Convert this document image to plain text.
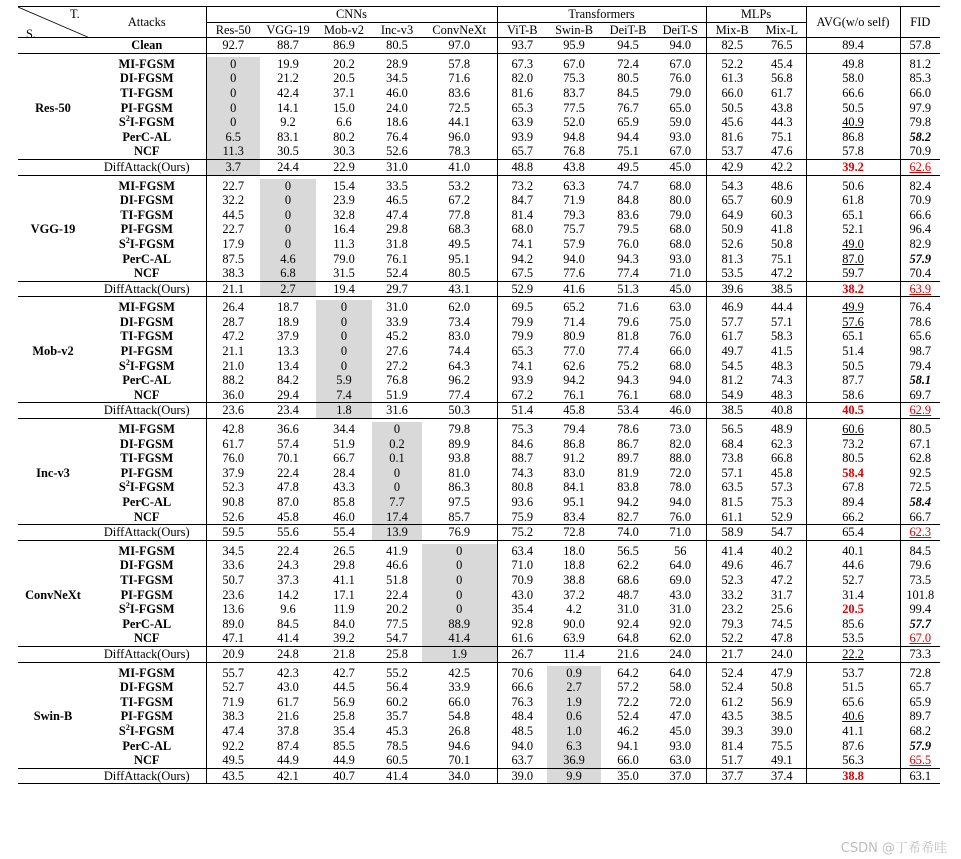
T.
S.	Attacks	CNNs					Transformers				MLPs		AVG(w/o self)	FID
		Res-50	VGG-19	Mob-v2	Inc-v3	ConvNeXt	ViT-B	Swin-B	DeiT-B	DeiT-S	Mix-B	Mix-L		
	Clean	92.7	88.7	86.9	80.5	97.0	93.7	95.9	94.5	94.0	82.5	76.5	89.4	57.8

Res-50	MI-FGSM	0	19.9	20.2	28.9	57.8	67.3	67.0	72.4	67.0	52.2	45.4	49.8	81.2
	DI-FGSM	0	21.2	20.5	34.5	71.6	82.0	75.3	80.5	76.0	61.3	56.8	58.0	85.3
	TI-FGSM	0	42.4	37.1	46.0	83.6	81.6	83.7	84.5	79.0	66.0	61.7	66.6	66.0
	PI-FGSM	0	14.1	15.0	24.0	72.5	65.3	77.5	76.7	65.0	50.5	43.8	50.5	97.9
	$S^2I$-FGSM	0	9.2	6.6	18.6	44.1	63.9	52.0	65.9	59.0	45.6	44.3	40.9	79.8
	PerC-AL	6.5	83.1	80.2	76.4	96.0	93.9	94.8	94.4	93.0	81.6	75.1	86.8	58.2
	NCF	11.3	30.5	30.3	52.6	78.3	65.7	76.8	75.1	67.0	53.7	47.6	57.8	70.9
	DiffAttack(Ours)	3.7	24.4	22.9	31.0	41.0	48.8	43.8	49.5	45.0	42.9	42.2	39.2	62.6

VGG-19	MI-FGSM	22.7	0	15.4	33.5	53.2	73.2	63.3	74.7	68.0	54.3	48.6	50.6	82.4
	DI-FGSM	32.2	0	23.9	46.5	67.2	84.7	71.9	84.8	80.0	65.7	60.9	61.8	70.9
	TI-FGSM	44.5	0	32.8	47.4	77.8	81.4	79.3	83.6	79.0	64.9	60.3	65.1	66.6
	PI-FGSM	22.7	0	16.4	29.8	68.3	68.0	75.7	79.5	68.0	50.9	41.8	52.1	96.4
	$S^2I$-FGSM	17.9	0	11.3	31.8	49.5	74.1	57.9	76.0	68.0	52.6	50.8	49.0	82.9
	PerC-AL	87.5	4.6	79.0	76.1	95.1	94.2	94.0	94.3	93.0	81.3	75.1	87.0	57.9
	NCF	38.3	6.8	31.5	52.4	80.5	67.5	77.6	77.4	71.0	53.5	47.2	59.7	70.4
	DiffAttack(Ours)	21.1	2.7	19.4	29.7	43.1	52.9	41.6	51.3	45.0	39.6	38.5	38.2	63.9

Mob-v2	MI-FGSM	26.4	18.7	0	31.0	62.0	69.5	65.2	71.6	63.0	46.9	44.4	49.9	76.4
	DI-FGSM	28.7	18.9	0	33.9	73.4	79.9	71.4	79.6	75.0	57.7	57.1	57.6	78.6
	TI-FGSM	47.2	37.9	0	45.2	83.0	79.9	80.9	81.8	76.0	61.7	58.3	65.1	65.6
	PI-FGSM	21.1	13.3	0	27.6	74.4	65.3	77.0	77.4	66.0	49.7	41.5	51.4	98.7
	$S^2I$-FGSM	21.0	13.4	0	27.2	64.3	74.1	62.6	75.2	68.0	54.5	48.3	50.5	79.4
	PerC-AL	88.2	84.2	5.9	76.8	96.2	93.9	94.2	94.3	94.0	81.2	74.3	87.7	58.1
	NCF	36.0	29.4	7.4	51.9	77.4	67.2	76.1	76.1	68.0	54.9	48.3	58.6	69.7
	DiffAttack(Ours)	23.6	23.4	1.8	31.6	50.3	51.4	45.8	53.4	46.0	38.5	40.8	40.5	62.9

Inc-v3	MI-FGSM	42.8	36.6	34.4	0	79.8	75.3	79.4	78.6	73.0	56.5	48.9	60.6	80.5
	DI-FGSM	61.7	57.4	51.9	0.2	89.9	84.6	86.8	86.7	82.0	68.4	62.3	73.2	67.1
	TI-FGSM	76.0	70.1	66.7	0.1	93.8	88.7	91.2	89.7	88.0	73.8	66.8	80.5	62.8
	PI-FGSM	37.9	22.4	28.4	0	81.0	74.3	83.0	81.9	72.0	57.1	45.8	58.4	92.5
	$S^2I$-FGSM	52.3	47.8	43.3	0	86.3	80.8	84.1	83.8	78.0	63.5	57.3	67.8	72.5
	PerC-AL	90.8	87.0	85.8	7.7	97.5	93.6	95.1	94.2	94.0	81.5	75.3	89.4	58.4
	NCF	52.6	45.8	46.0	17.4	85.7	75.9	83.4	82.7	76.0	61.1	52.9	66.2	66.7
	DiffAttack(Ours)	59.5	55.6	55.4	13.9	76.9	75.2	72.8	74.0	71.0	58.9	54.7	65.4	62.3

ConvNeXt	MI-FGSM	34.5	22.4	26.5	41.9	0	63.4	18.0	56.5	56	41.4	40.2	40.1	84.5
	DI-FGSM	33.6	24.3	29.8	46.6	0	71.0	18.8	62.2	64.0	49.6	46.7	44.6	79.6
	TI-FGSM	50.7	37.3	41.1	51.8	0	70.9	38.8	68.6	69.0	52.3	47.2	52.7	73.5
	PI-FGSM	23.6	14.2	17.1	22.4	0	43.0	37.2	48.7	43.0	33.2	31.7	31.4	101.8
	$S^2I$-FGSM	13.6	9.6	11.9	20.2	0	35.4	4.2	31.0	31.0	23.2	25.6	20.5	99.4
	PerC-AL	89.0	84.5	84.0	77.5	88.9	92.8	90.0	92.4	92.0	79.3	74.5	85.6	57.7
	NCF	47.1	41.4	39.2	54.7	41.4	61.6	63.9	64.8	62.0	52.2	47.8	53.5	67.0
	DiffAttack(Ours)	20.9	24.8	21.8	25.8	1.9	26.7	11.4	21.6	24.0	21.7	24.0	22.2	73.3

Swin-B	MI-FGSM	55.7	42.3	42.7	55.2	42.5	70.6	0.9	64.2	64.0	52.4	47.9	53.7	72.8
	DI-FGSM	52.7	43.0	44.5	56.4	33.9	66.6	2.7	57.2	58.0	52.4	50.8	51.5	65.7
	TI-FGSM	71.9	61.7	56.9	60.2	66.0	76.3	1.9	72.2	72.0	61.2	56.9	65.6	65.9
	PI-FGSM	38.3	21.6	25.8	35.7	54.8	48.4	0.6	52.4	47.0	43.5	38.5	40.6	89.7
	$S^2I$-FGSM	47.4	37.8	35.4	45.3	26.8	48.5	1.0	46.2	45.0	39.3	39.0	41.1	68.2
	PerC-AL	92.2	87.4	85.5	78.5	94.6	94.0	6.3	94.1	93.0	81.4	75.5	87.6	57.9
	NCF	49.5	44.9	44.9	60.5	70.1	63.7	36.9	66.0	63.0	51.7	49.1	56.3	65.5
	DiffAttack(Ours)	43.5	42.1	40.7	41.4	34.0	39.0	9.9	35.0	37.0	37.7	37.4	38.8	63.1
CSDN @丁希希哇
